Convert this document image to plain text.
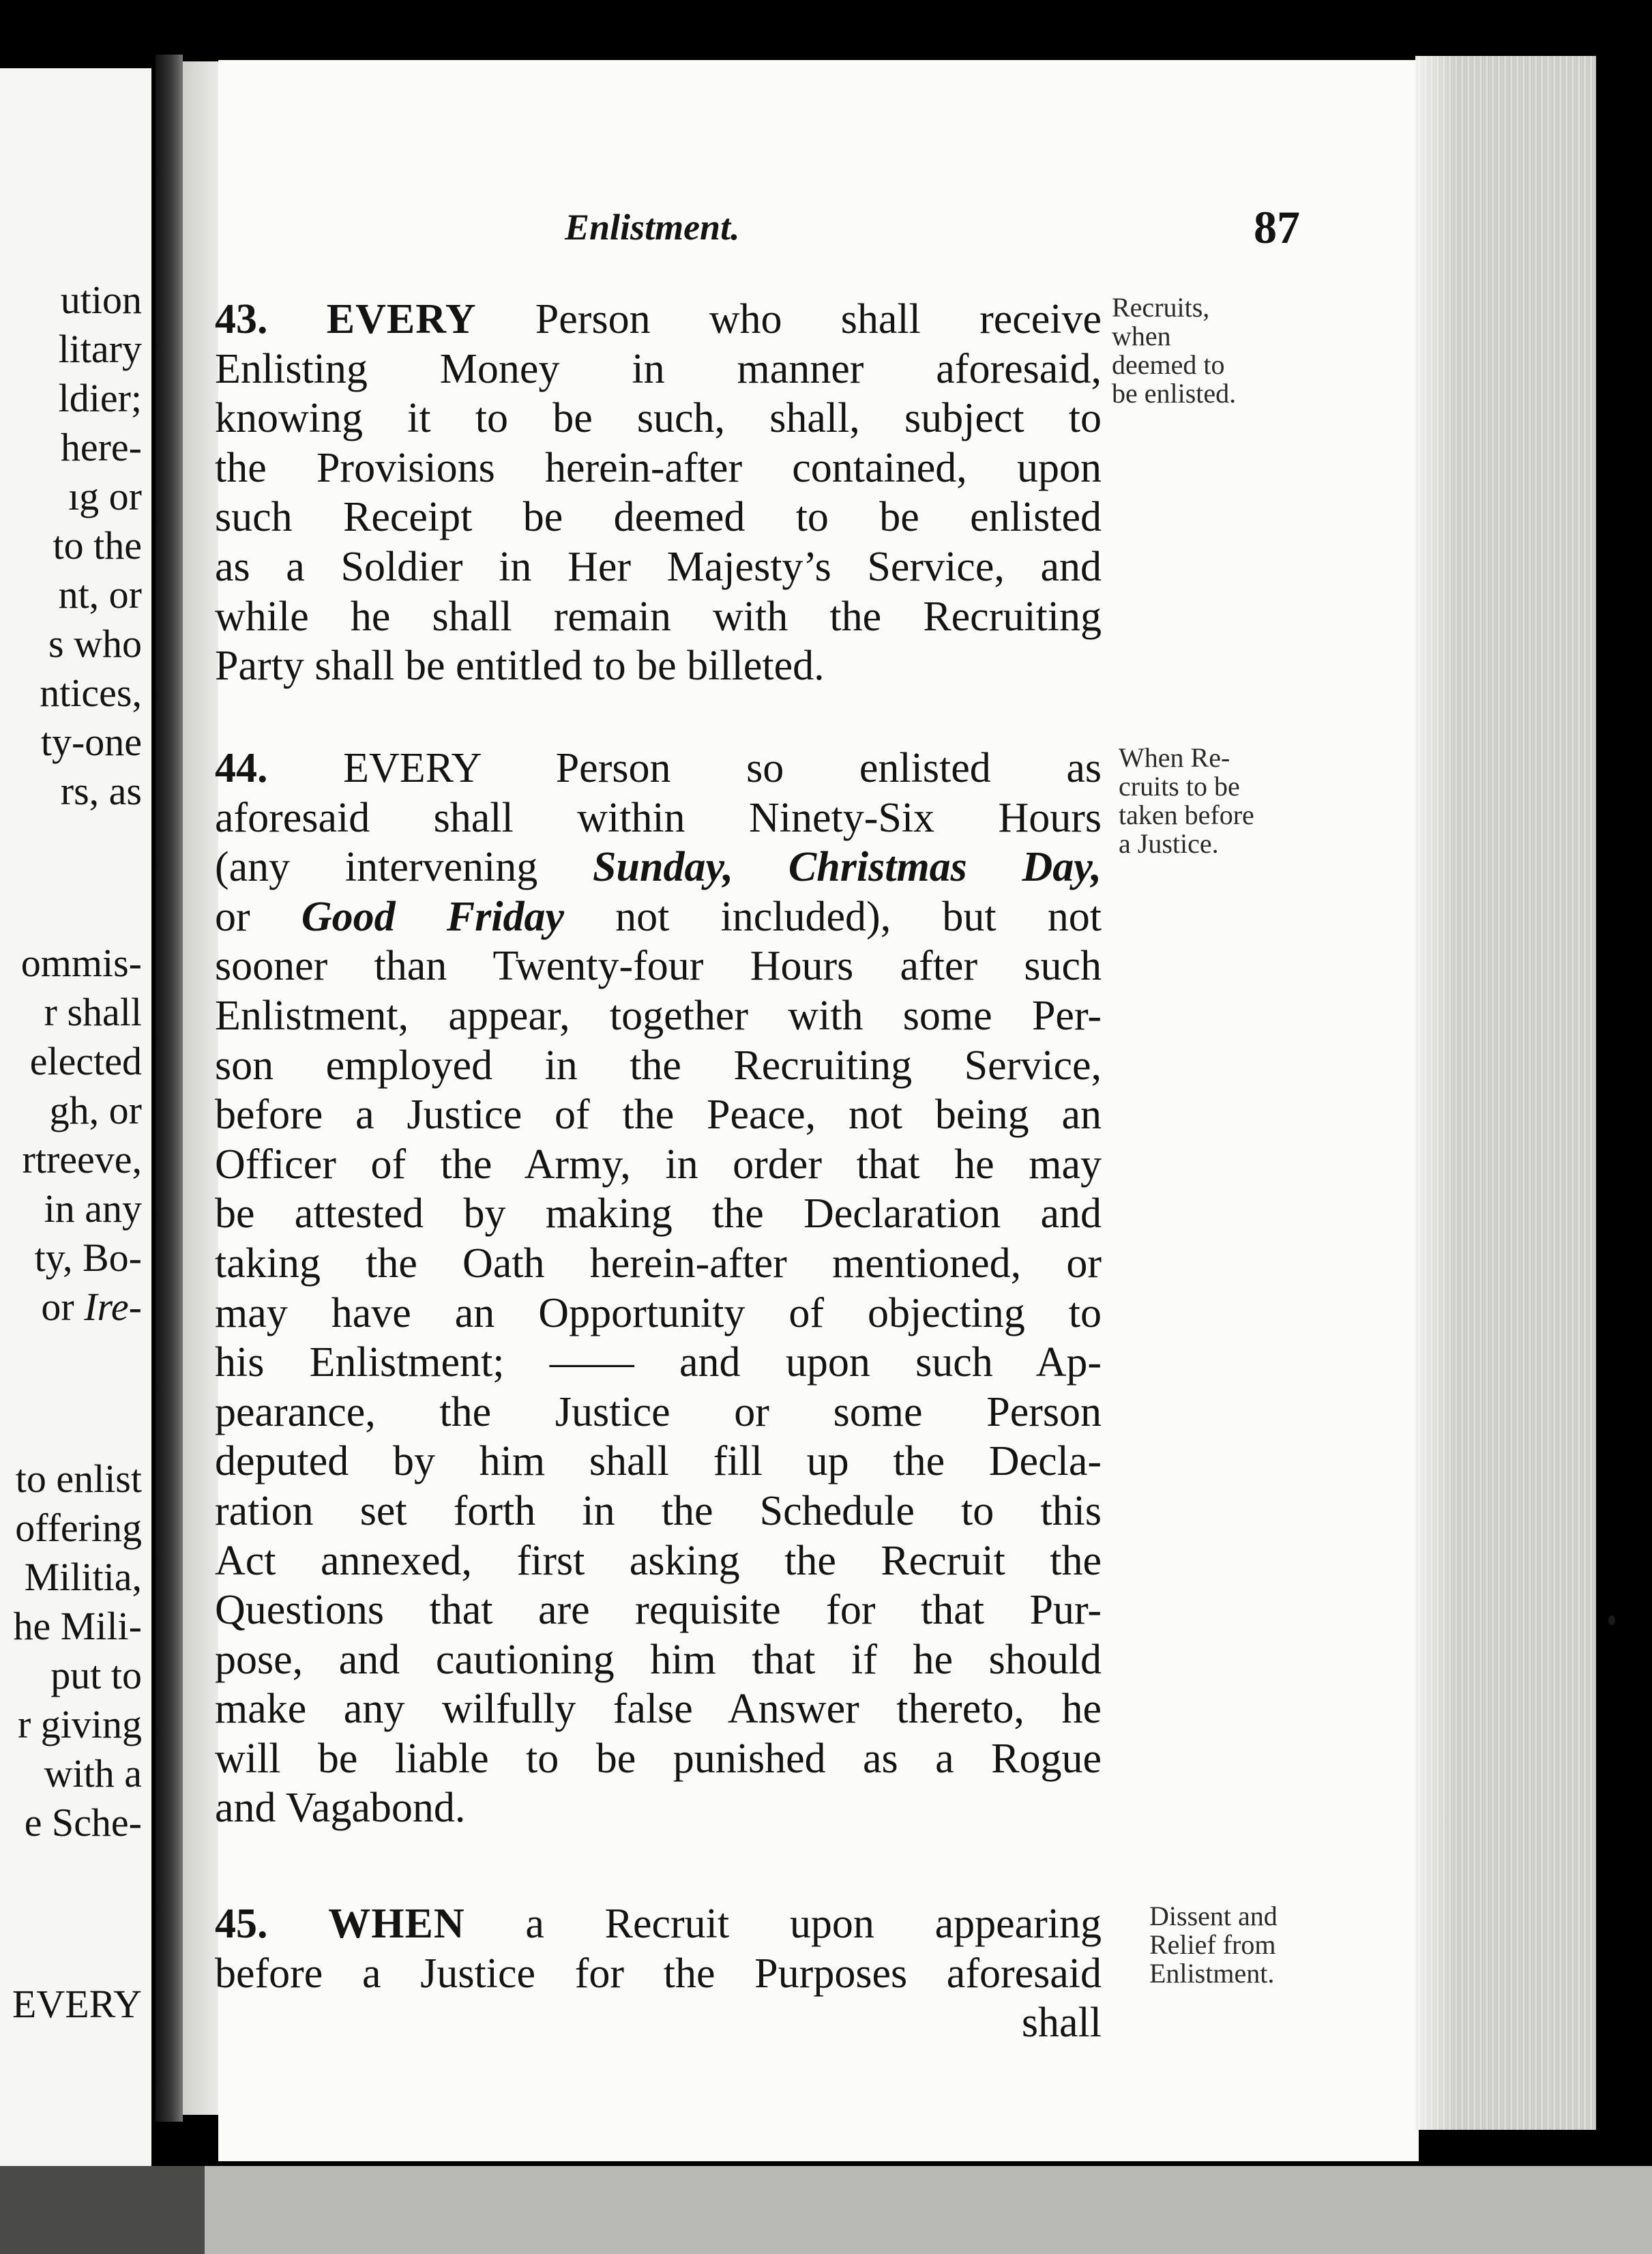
ution

litary

ldier;

here-

ıg or

to the

nt, or

s who

ntices,

ty-one

rs, as

ommis-

r shall

elected

gh, or

rtreeve,

in any

ty, Bo-

or Ire-

to enlist

offering

Militia,

he Mili-

put to

r giving

with a

e Sche-

EVERY

Enlistment.	87

43. EVERY Person who shall receive
Enlisting Money in manner aforesaid,
knowing it to be such, shall, subject to
the Provisions herein-after contained, upon
such Receipt be deemed to be enlisted
as a Soldier in Her Majesty’s Service, and
while he shall remain with the Recruiting
Party shall be entitled to be billeted.
Recruits,
when
deemed to
be enlisted.
44. EVERY Person so enlisted as
aforesaid shall within Ninety-Six Hours
(any intervening Sunday, Christmas Day,
or Good Friday not included), but not
sooner than Twenty-four Hours after such
Enlistment, appear, together with some Per-
son employed in the Recruiting Service,
before a Justice of the Peace, not being an
Officer of the Army, in order that he may
be attested by making the Declaration and
taking the Oath herein-after mentioned, or
may have an Opportunity of objecting to
his Enlistment; —— and upon such Ap-
pearance, the Justice or some Person
deputed by him shall fill up the Decla-
ration set forth in the Schedule to this
Act annexed, first asking the Recruit the
Questions that are requisite for that Pur-
pose, and cautioning him that if he should
make any wilfully false Answer thereto, he
will be liable to be punished as a Rogue
and Vagabond.
When Re-
cruits to be
taken before
a Justice.
45. WHEN a Recruit upon appearing
before a Justice for the Purposes aforesaid
shall
Dissent and
Relief from
Enlistment.
